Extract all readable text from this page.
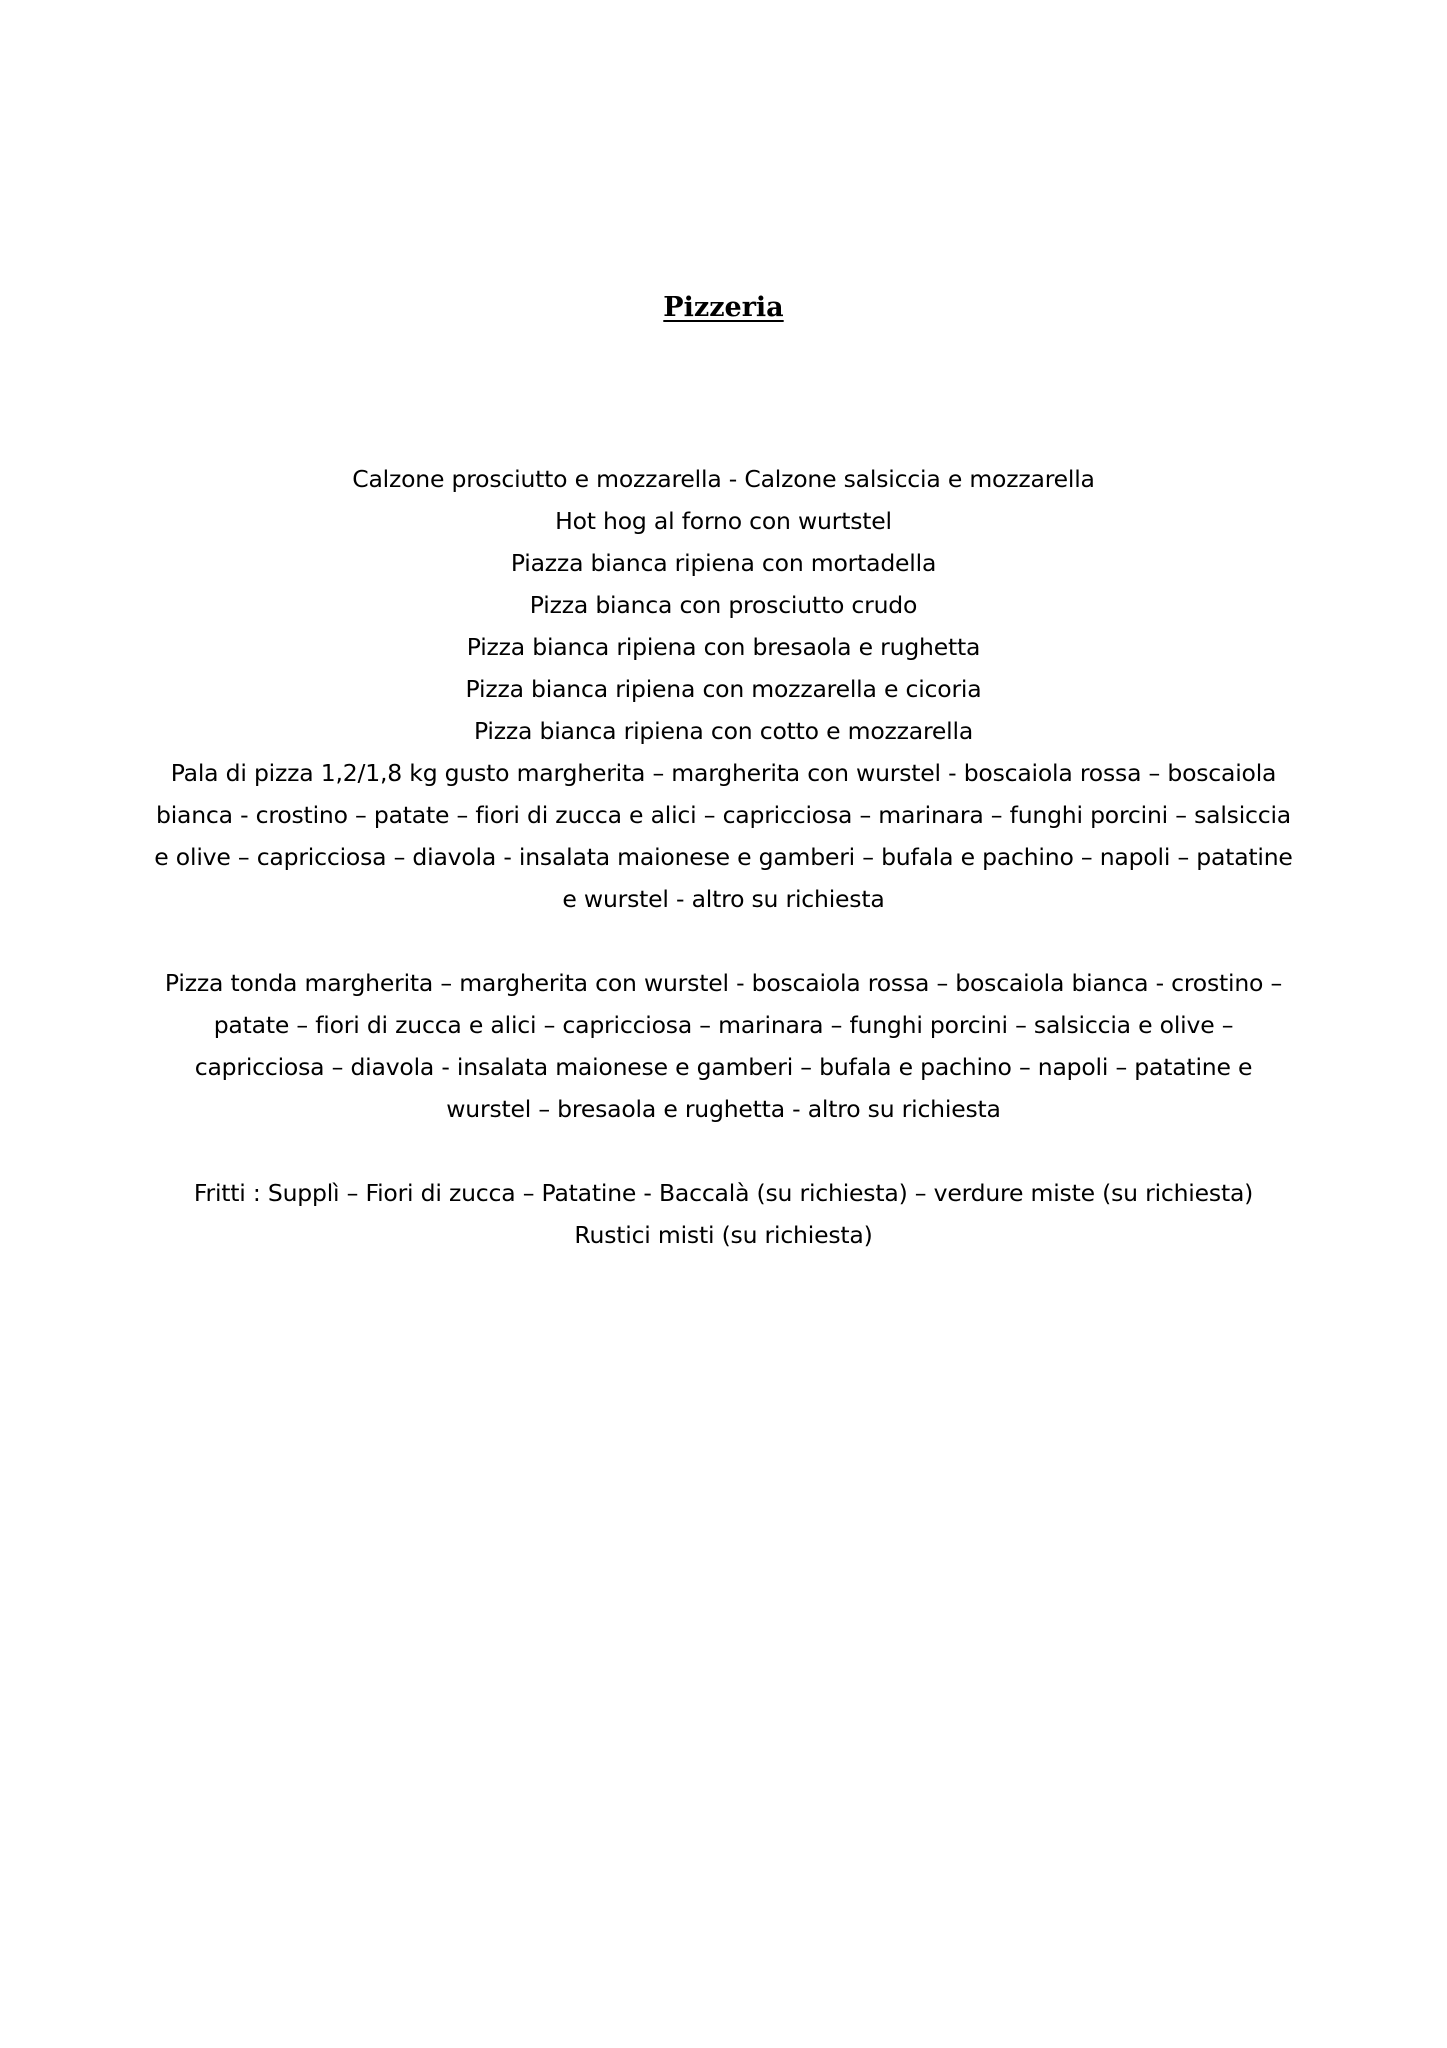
Pizzeria

Calzone prosciutto e mozzarella - Calzone salsiccia e mozzarella

Hot hog al forno con wurtstel

Piazza bianca ripiena con mortadella

Pizza bianca con prosciutto crudo

Pizza bianca ripiena con bresaola e rughetta

Pizza bianca ripiena con mozzarella e cicoria

Pizza bianca ripiena con cotto e mozzarella

Pala di pizza 1,2/1,8 kg gusto margherita – margherita con wurstel - boscaiola rossa – boscaiola bianca - crostino – patate – fiori di zucca e alici – capricciosa – marinara – funghi porcini – salsiccia e olive – capricciosa – diavola - insalata maionese e gamberi – bufala e pachino – napoli – patatine e wurstel - altro su richiesta

Pizza tonda margherita – margherita con wurstel - boscaiola rossa – boscaiola bianca - crostino – patate – fiori di zucca e alici – capricciosa – marinara – funghi porcini – salsiccia e olive – capricciosa – diavola - insalata maionese e gamberi – bufala e pachino – napoli – patatine e wurstel – bresaola e rughetta - altro su richiesta

Fritti : Supplì – Fiori di zucca – Patatine - Baccalà (su richiesta) – verdure miste (su richiesta)

Rustici misti (su richiesta)
